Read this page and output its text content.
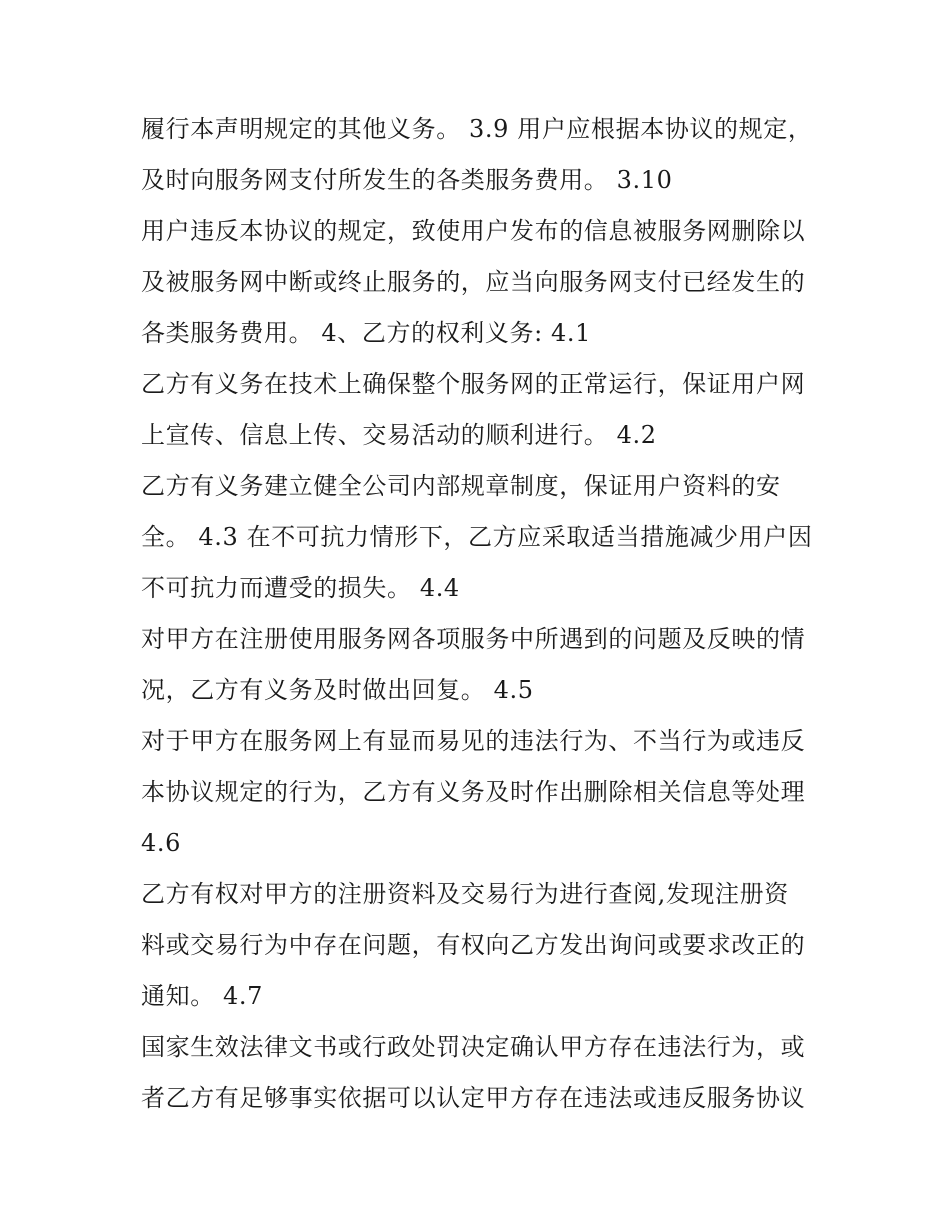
履行本声明规定的其他义务。 3.9 用户应根据本协议的规定，
及时向服务网支付所发生的各类服务费用。 3.10
用户违反本协议的规定，致使用户发布的信息被服务网删除以
及被服务网中断或终止服务的，应当向服务网支付已经发生的
各类服务费用。 4、乙方的权利义务: 4.1
乙方有义务在技术上确保整个服务网的正常运行，保证用户网
上宣传、信息上传、交易活动的顺利进行。 4.2
乙方有义务建立健全公司内部规章制度，保证用户资料的安
全。 4.3 在不可抗力情形下，乙方应采取适当措施减少用户因
不可抗力而遭受的损失。 4.4
对甲方在注册使用服务网各项服务中所遇到的问题及反映的情
况，乙方有义务及时做出回复。 4.5
对于甲方在服务网上有显而易见的违法行为、不当行为或违反
本协议规定的行为，乙方有义务及时作出删除相关信息等处理
4.6
乙方有权对甲方的注册资料及交易行为进行查阅,发现注册资
料或交易行为中存在问题，有权向乙方发出询问或要求改正的
通知。 4.7
国家生效法律文书或行政处罚决定确认甲方存在违法行为，或
者乙方有足够事实依据可以认定甲方存在违法或违反服务协议
